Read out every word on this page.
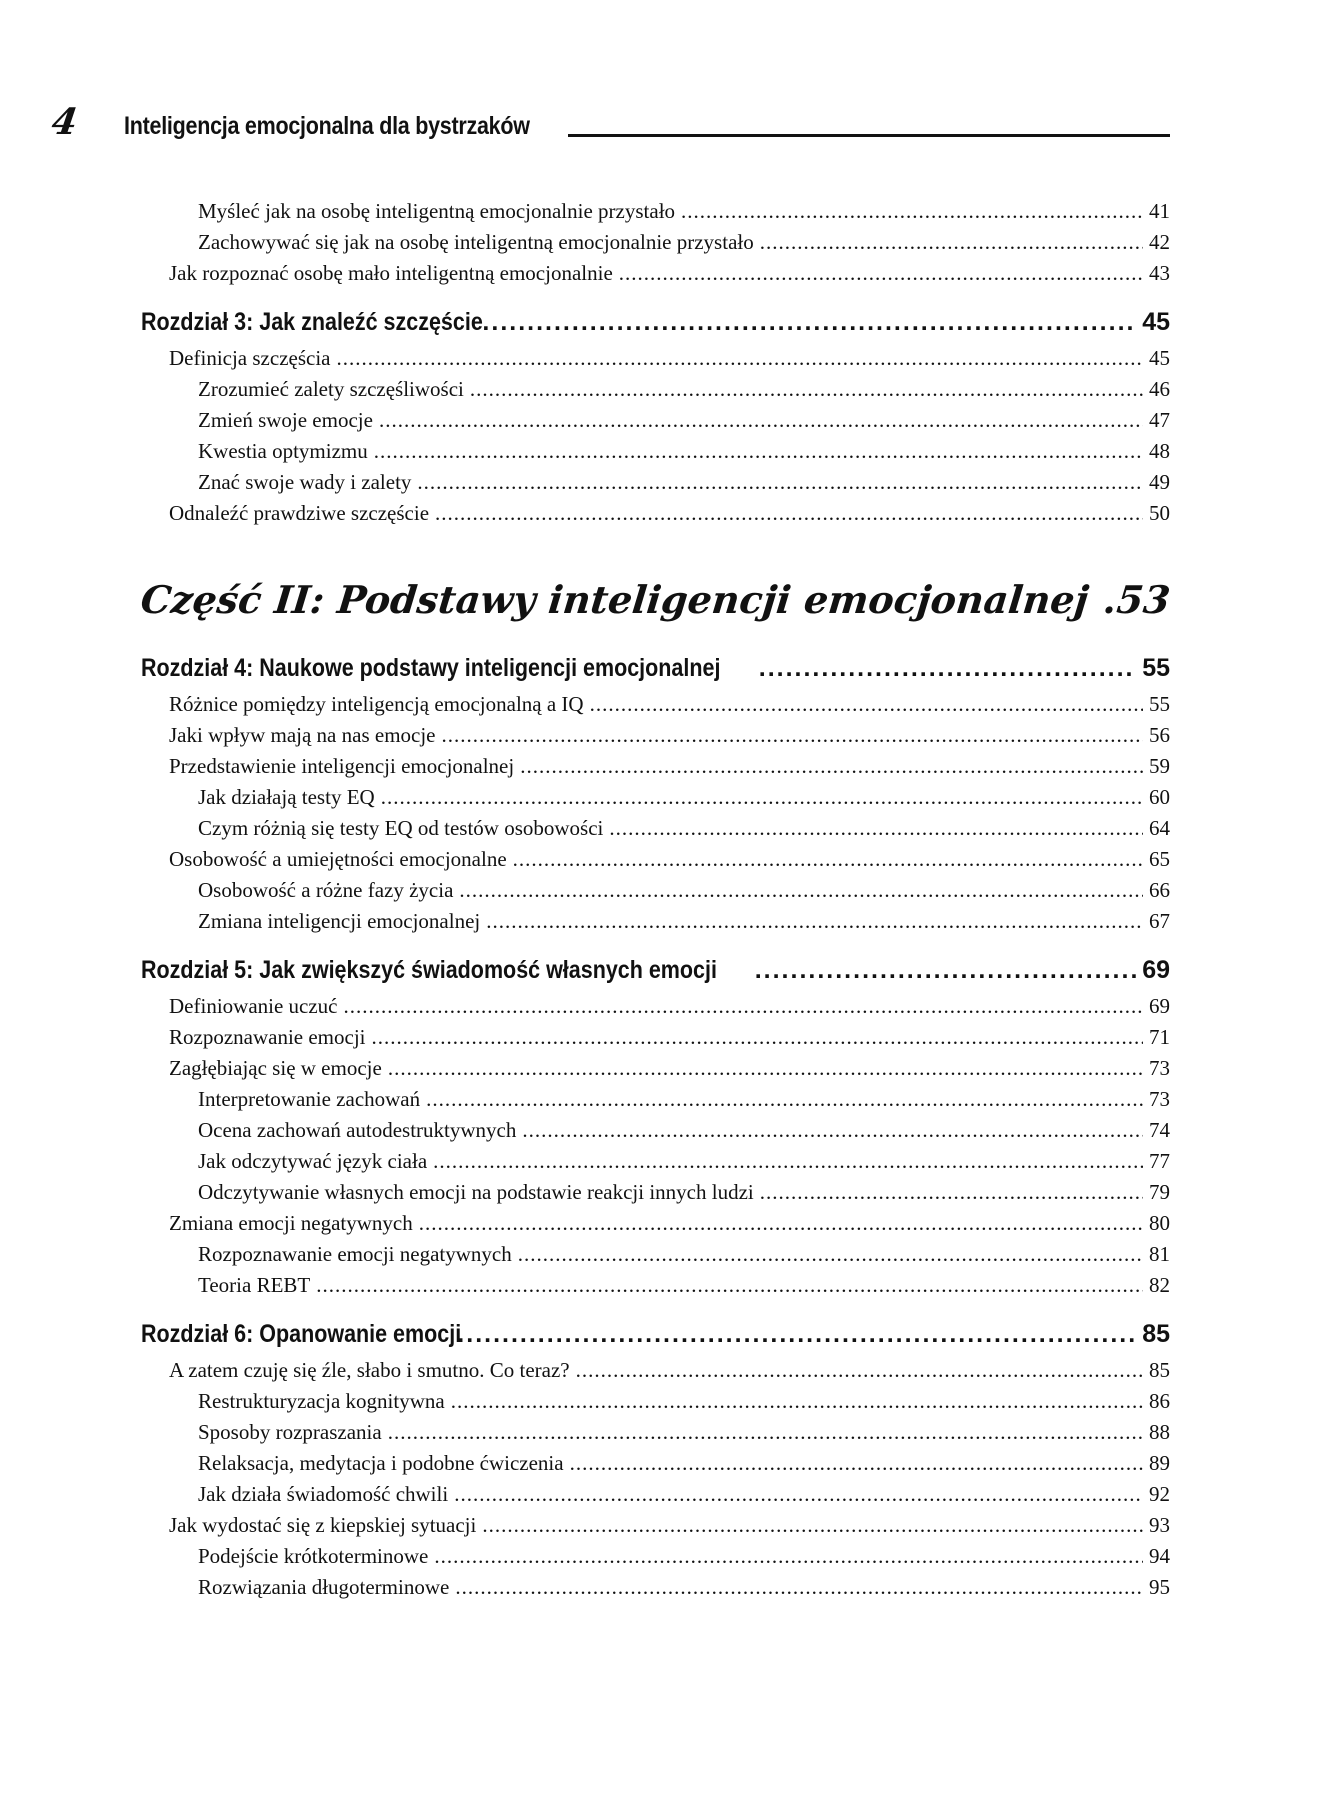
4	Inteligencja emocjonalna dla bystrzaków
Myśleć jak na osobę inteligentną emocjonalnie przystało .....	41
Zachowywać się jak na osobę inteligentną emocjonalnie przystało .....	42
Jak rozpoznać osobę mało inteligentną emocjonalnie .....	43
Rozdział 3: Jak znaleźć szczęście .....	45
Definicja szczęścia .....	45
Zrozumieć zalety szczęśliwości .....	46
Zmień swoje emocje .....	47
Kwestia optymizmu .....	48
Znać swoje wady i zalety .....	49
Odnaleźć prawdziwe szczęście .....	50
Część II: Podstawy inteligencji emocjonalnej ..... 53
Rozdział 4: Naukowe podstawy inteligencji emocjonalnej .....	55
Różnice pomiędzy inteligencją emocjonalną a IQ .....	55
Jaki wpływ mają na nas emocje .....	56
Przedstawienie inteligencji emocjonalnej .....	59
Jak działają testy EQ .....	60
Czym różnią się testy EQ od testów osobowości .....	64
Osobowość a umiejętności emocjonalne .....	65
Osobowość a różne fazy życia .....	66
Zmiana inteligencji emocjonalnej .....	67
Rozdział 5: Jak zwiększyć świadomość własnych emocji .....	69
Definiowanie uczuć .....	69
Rozpoznawanie emocji .....	71
Zagłębiając się w emocje .....	73
Interpretowanie zachowań .....	73
Ocena zachowań autodestruktywnych .....	74
Jak odczytywać język ciała .....	77
Odczytywanie własnych emocji na podstawie reakcji innych ludzi .....	79
Zmiana emocji negatywnych .....	80
Rozpoznawanie emocji negatywnych .....	81
Teoria REBT .....	82
Rozdział 6: Opanowanie emocji .....	85
A zatem czuję się źle, słabo i smutno. Co teraz? .....	85
Restrukturyzacja kognitywna .....	86
Sposoby rozpraszania .....	88
Relaksacja, medytacja i podobne ćwiczenia .....	89
Jak działa świadomość chwili .....	92
Jak wydostać się z kiepskiej sytuacji .....	93
Podejście krótkoterminowe .....	94
Rozwiązania długoterminowe .....	95
